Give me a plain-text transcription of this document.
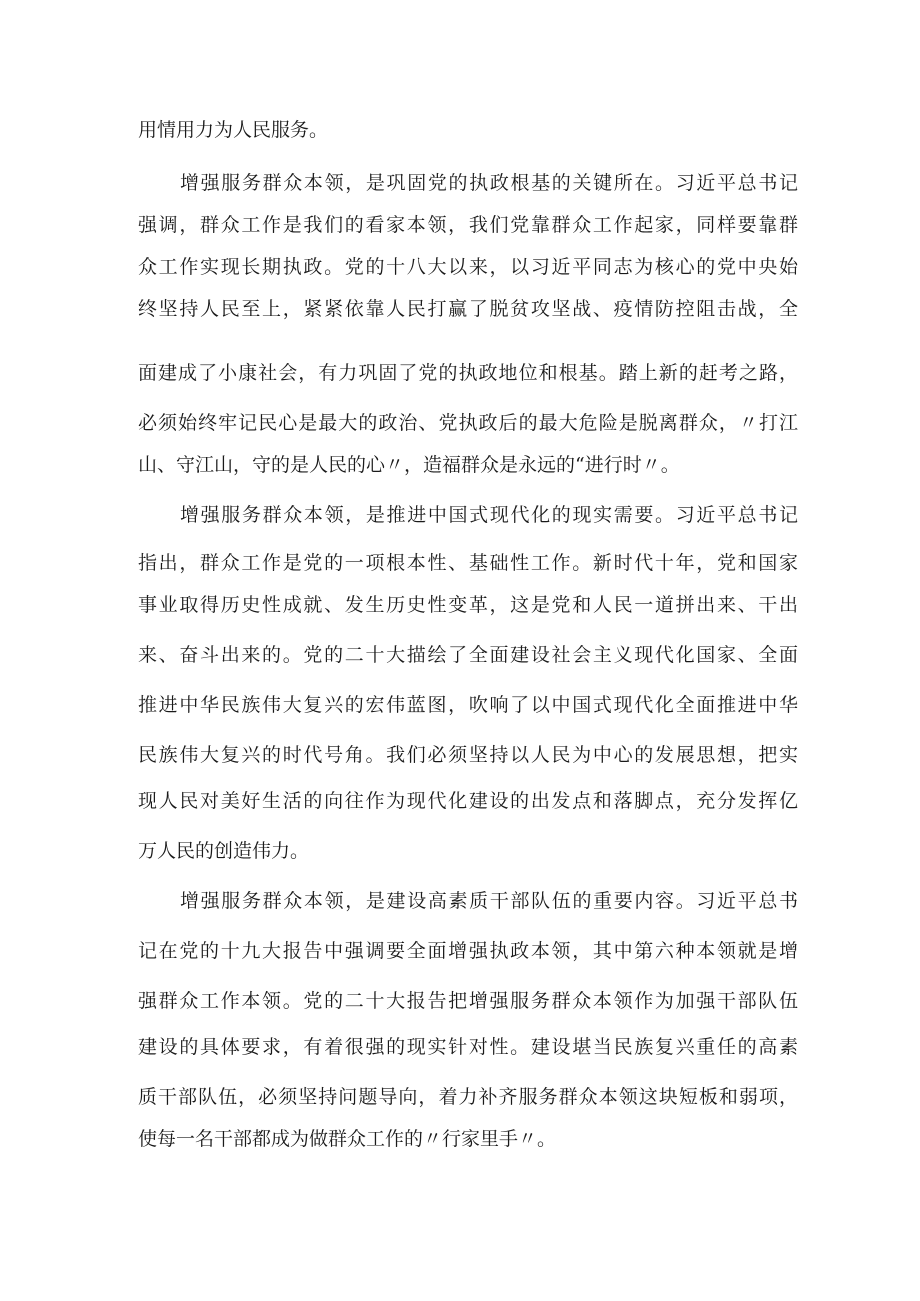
用情用力为人民服务。
增强服务群众本领，是巩固党的执政根基的关键所在。习近平总书记
强调，群众工作是我们的看家本领，我们党靠群众工作起家，同样要靠群
众工作实现长期执政。党的十八大以来，以习近平同志为核心的党中央始
终坚持人民至上，紧紧依靠人民打赢了脱贫攻坚战、疫情防控阻击战，全
面建成了小康社会，有力巩固了党的执政地位和根基。踏上新的赶考之路，
必须始终牢记民心是最大的政治、党执政后的最大危险是脱离群众，〃打江
山、守江山，守的是人民的心〃，造福群众是永远的“进行时〃。
增强服务群众本领，是推进中国式现代化的现实需要。习近平总书记
指出，群众工作是党的一项根本性、基础性工作。新时代十年，党和国家
事业取得历史性成就、发生历史性变革，这是党和人民一道拼出来、干出
来、奋斗出来的。党的二十大描绘了全面建设社会主义现代化国家、全面
推进中华民族伟大复兴的宏伟蓝图，吹响了以中国式现代化全面推进中华
民族伟大复兴的时代号角。我们必须坚持以人民为中心的发展思想，把实
现人民对美好生活的向往作为现代化建设的出发点和落脚点，充分发挥亿
万人民的创造伟力。
增强服务群众本领，是建设高素质干部队伍的重要内容。习近平总书
记在党的十九大报告中强调要全面增强执政本领，其中第六种本领就是增
强群众工作本领。党的二十大报告把增强服务群众本领作为加强干部队伍
建设的具体要求，有着很强的现实针对性。建设堪当民族复兴重任的高素
质干部队伍，必须坚持问题导向，着力补齐服务群众本领这块短板和弱项，
使每一名干部都成为做群众工作的〃行家里手〃。
